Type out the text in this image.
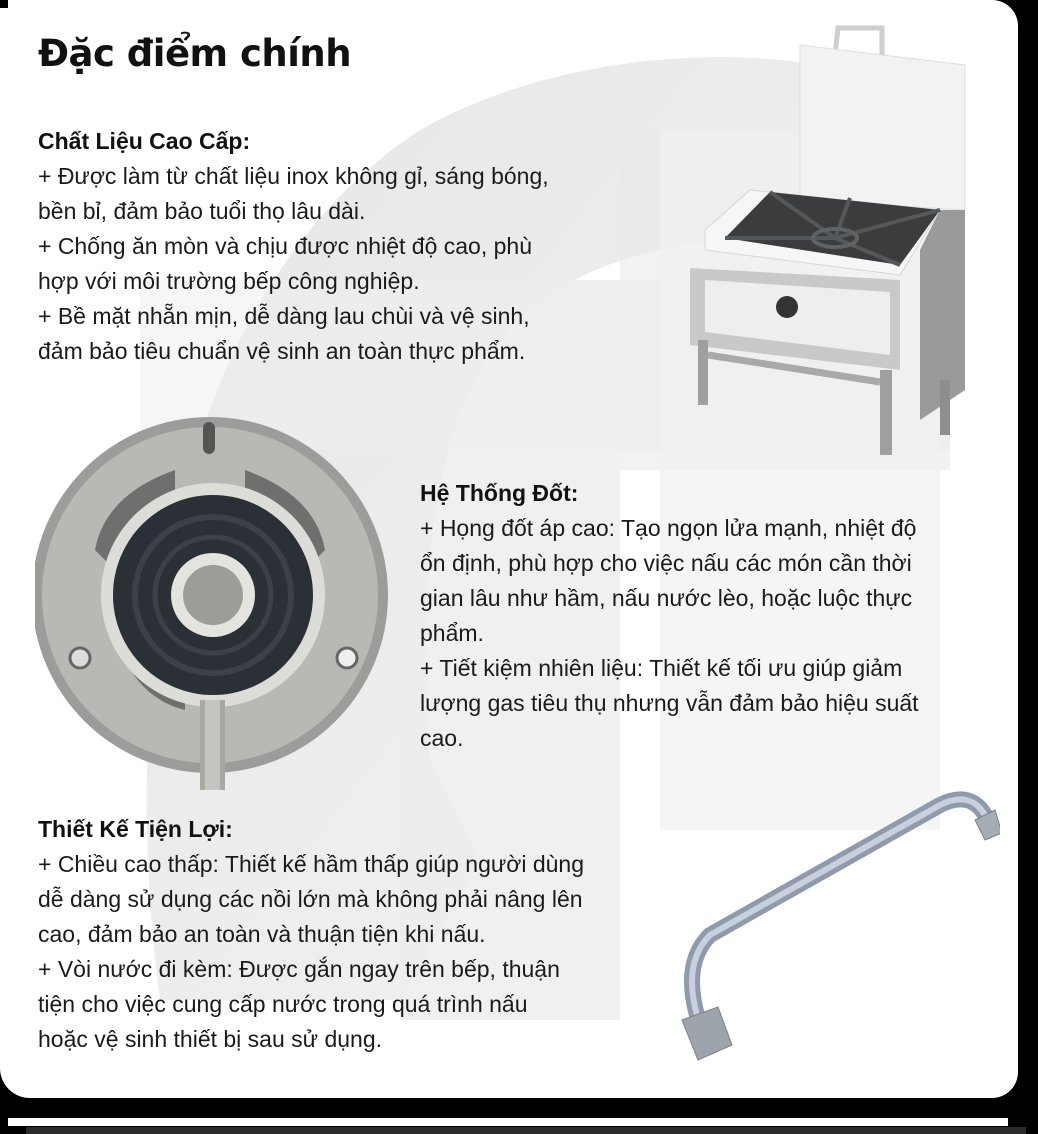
Đặc điểm chính
Chất Liệu Cao Cấp:

+ Được làm từ chất liệu inox không gỉ, sáng bóng,

bền bỉ, đảm bảo tuổi thọ lâu dài.

+ Chống ăn mòn và chịu được nhiệt độ cao, phù

hợp với môi trường bếp công nghiệp.

+ Bề mặt nhẵn mịn, dễ dàng lau chùi và vệ sinh,

đảm bảo tiêu chuẩn vệ sinh an toàn thực phẩm.

Hệ Thống Đốt:

+ Họng đốt áp cao: Tạo ngọn lửa mạnh, nhiệt độ

ổn định, phù hợp cho việc nấu các món cần thời

gian lâu như hầm, nấu nước lèo, hoặc luộc thực

phẩm.

+ Tiết kiệm nhiên liệu: Thiết kế tối ưu giúp giảm

lượng gas tiêu thụ nhưng vẫn đảm bảo hiệu suất

cao.

Thiết Kế Tiện Lợi:

+ Chiều cao thấp: Thiết kế hầm thấp giúp người dùng

dễ dàng sử dụng các nồi lớn mà không phải nâng lên

cao, đảm bảo an toàn và thuận tiện khi nấu.

+ Vòi nước đi kèm: Được gắn ngay trên bếp, thuận

tiện cho việc cung cấp nước trong quá trình nấu

hoặc vệ sinh thiết bị sau sử dụng.
